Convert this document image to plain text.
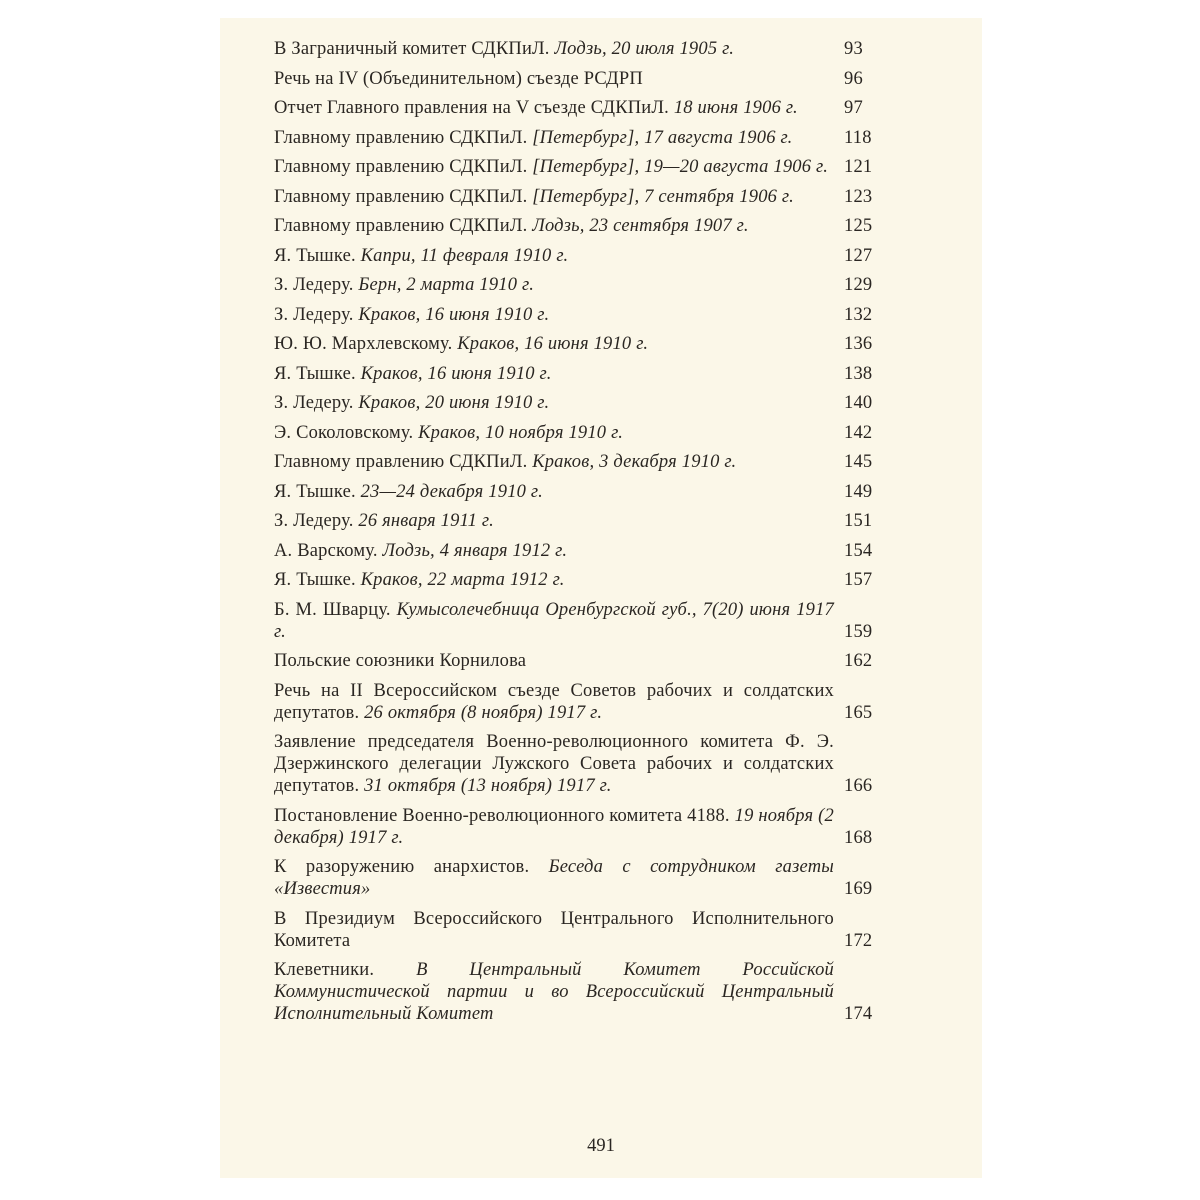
В Заграничный комитет СДКПиЛ. Лодзь, 20 июля 1905 г.	93
Речь на IV (Объединительном) съезде РСДРП	96
Отчет Главного правления на V съезде СДКПиЛ. 18 июня 1906 г. 97
Главному правлению СДКПиЛ. [Петербург], 17 августа 1906 г.	118
Главному правлению СДКПиЛ. [Петербург], 19—20 августа 1906 г. 121
Главному правлению СДКПиЛ. [Петербург], 7 сентября 1906 г.	123
Главному правлению СДКПиЛ. Лодзь, 23 сентября 1907 г.	125
Я. Тышке. Капри, 11 февраля 1910 г.	127
З. Ледеру. Берн, 2 марта 1910 г.	129
З. Ледеру. Краков, 16 июня 1910 г.	132
Ю. Ю. Мархлевскому. Краков, 16 июня 1910 г.	136
Я. Тышке. Краков, 16 июня 1910 г.	138
З. Ледеру. Краков, 20 июня 1910 г.	140
Э. Соколовскому. Краков, 10 ноября 1910 г.	142
Главному правлению СДКПиЛ. Краков, 3 декабря 1910 г.	145
Я. Тышке. 23—24 декабря 1910 г.	149
З. Ледеру. 26 января 1911 г.	151
А. Варскому. Лодзь, 4 января 1912 г.	154
Я. Тышке. Краков, 22 марта 1912 г.	157
Б. М. Шварцу. Кумысолечебница Оренбургской губ., 7(20) июня 1917 г.	159
Польские союзники Корнилова	162
Речь на II Всероссийском съезде Советов рабочих и солдатских депутатов. 26 октября (8 ноября) 1917 г.	165
Заявление председателя Военно-революционного комитета Ф. Э. Дзержинского делегации Лужского Совета рабочих и солдатских депутатов. 31 октября (13 ноября) 1917 г.	166
Постановление Военно-революционного комитета 4188. 19 ноября (2 декабря) 1917 г.	168
К разоружению анархистов. Беседа с сотрудником газеты «Известия»	169
В Президиум Всероссийского Центрального Исполнительного Комитета	172
Клеветники. В Центральный Комитет Российской Коммунистической партии и во Всероссийский Центральный Исполнительный Комитет	174
491
